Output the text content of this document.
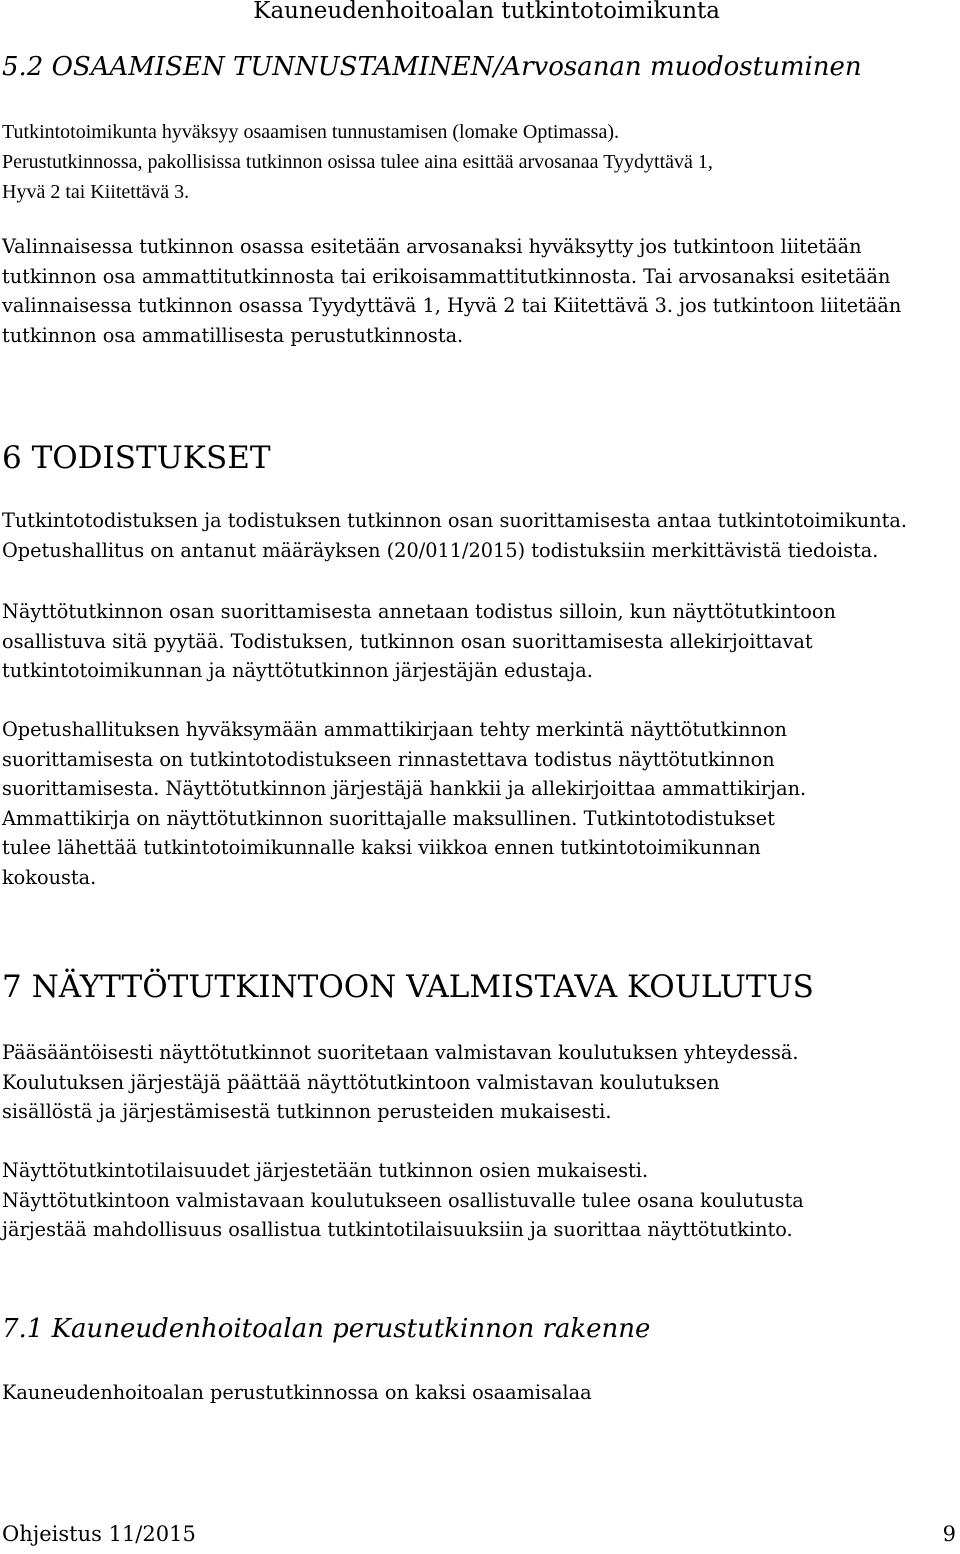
Kauneudenhoitoalan tutkintotoimikunta
5.2 OSAAMISEN TUNNUSTAMINEN/Arvosanan muodostuminen
Tutkintotoimikunta hyväksyy osaamisen tunnustamisen (lomake Optimassa).
Perustutkinnossa, pakollisissa tutkinnon osissa tulee aina esittää arvosanaa Tyydyttävä 1,
Hyvä 2 tai Kiitettävä 3.
Valinnaisessa tutkinnon osassa esitetään arvosanaksi hyväksytty jos tutkintoon liitetään
tutkinnon osa ammattitutkinnosta tai erikoisammattitutkinnosta. Tai arvosanaksi esitetään
valinnaisessa tutkinnon osassa Tyydyttävä 1, Hyvä 2 tai Kiitettävä 3. jos tutkintoon liitetään
tutkinnon osa ammatillisesta perustutkinnosta.
6 TODISTUKSET
Tutkintotodistuksen ja todistuksen tutkinnon osan suorittamisesta antaa tutkintotoimikunta.
Opetushallitus on antanut määräyksen (20/011/2015) todistuksiin merkittävistä tiedoista.
Näyttötutkinnon osan suorittamisesta annetaan todistus silloin, kun näyttötutkintoon
osallistuva sitä pyytää. Todistuksen, tutkinnon osan suorittamisesta allekirjoittavat
tutkintotoimikunnan ja näyttötutkinnon järjestäjän edustaja.
Opetushallituksen hyväksymään ammattikirjaan tehty merkintä näyttötutkinnon
suorittamisesta on tutkintotodistukseen rinnastettava todistus näyttötutkinnon
suorittamisesta. Näyttötutkinnon järjestäjä hankkii ja allekirjoittaa ammattikirjan.
Ammattikirja on näyttötutkinnon suorittajalle maksullinen. Tutkintotodistukset
tulee lähettää tutkintotoimikunnalle kaksi viikkoa ennen tutkintotoimikunnan
kokousta.
7 NÄYTTÖTUTKINTOON VALMISTAVA KOULUTUS
Pääsääntöisesti näyttötutkinnot suoritetaan valmistavan koulutuksen yhteydessä.
Koulutuksen järjestäjä päättää näyttötutkintoon valmistavan koulutuksen
sisällöstä ja järjestämisestä tutkinnon perusteiden mukaisesti.
Näyttötutkintotilaisuudet järjestetään tutkinnon osien mukaisesti.
Näyttötutkintoon valmistavaan koulutukseen osallistuvalle tulee osana koulutusta
järjestää mahdollisuus osallistua tutkintotilaisuuksiin ja suorittaa näyttötutkinto.
7.1 Kauneudenhoitoalan perustutkinnon rakenne
Kauneudenhoitoalan perustutkinnossa on kaksi osaamisalaa
Ohjeistus 11/2015	9
